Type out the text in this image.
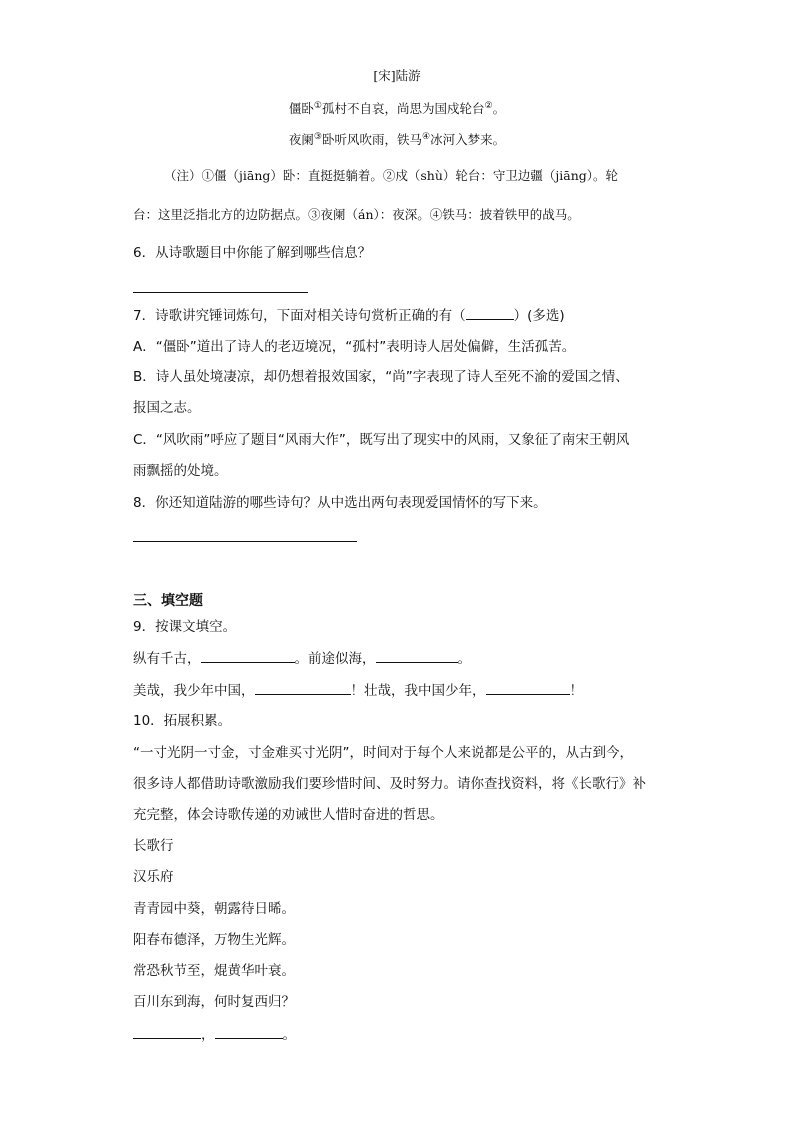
[宋]陆游
僵卧①孤村不自哀，尚思为国戍轮台②。
夜阑③卧听风吹雨，铁马④冰河入梦来。
（注）①僵（jiāng）卧：直挺挺躺着。②戍（shù）轮台：守卫边疆（jiāng）。轮
台：这里泛指北方的边防据点。③夜阑（án）：夜深。④铁马：披着铁甲的战马。
6．从诗歌题目中你能了解到哪些信息？
7．诗歌讲究锤词炼句，下面对相关诗句赏析正确的有（	）(多选)
A．“僵卧”道出了诗人的老迈境况，“孤村”表明诗人居处偏僻，生活孤苦。
B．诗人虽处境凄凉，却仍想着报效国家，“尚”字表现了诗人至死不渝的爱国之情、
报国之志。
C．“风吹雨”呼应了题目“风雨大作”，既写出了现实中的风雨，又象征了南宋王朝风
雨飘摇的处境。
8．你还知道陆游的哪些诗句？从中选出两句表现爱国情怀的写下来。
三、填空题
9．按课文填空。
纵有千古，	。前途似海，	。
美哉，我少年中国，	！壮哉，我中国少年，	！
10．拓展积累。
“一寸光阴一寸金，寸金难买寸光阴”，时间对于每个人来说都是公平的，从古到今，
很多诗人都借助诗歌激励我们要珍惜时间、及时努力。请你查找资料，将《长歌行》补
充完整，体会诗歌传递的劝诫世人惜时奋进的哲思。
长歌行
汉乐府
青青园中葵，朝露待日晞。
阳春布德泽，万物生光辉。
常恐秋节至，焜黄华叶衰。
百川东到海，何时复西归？
，	。
